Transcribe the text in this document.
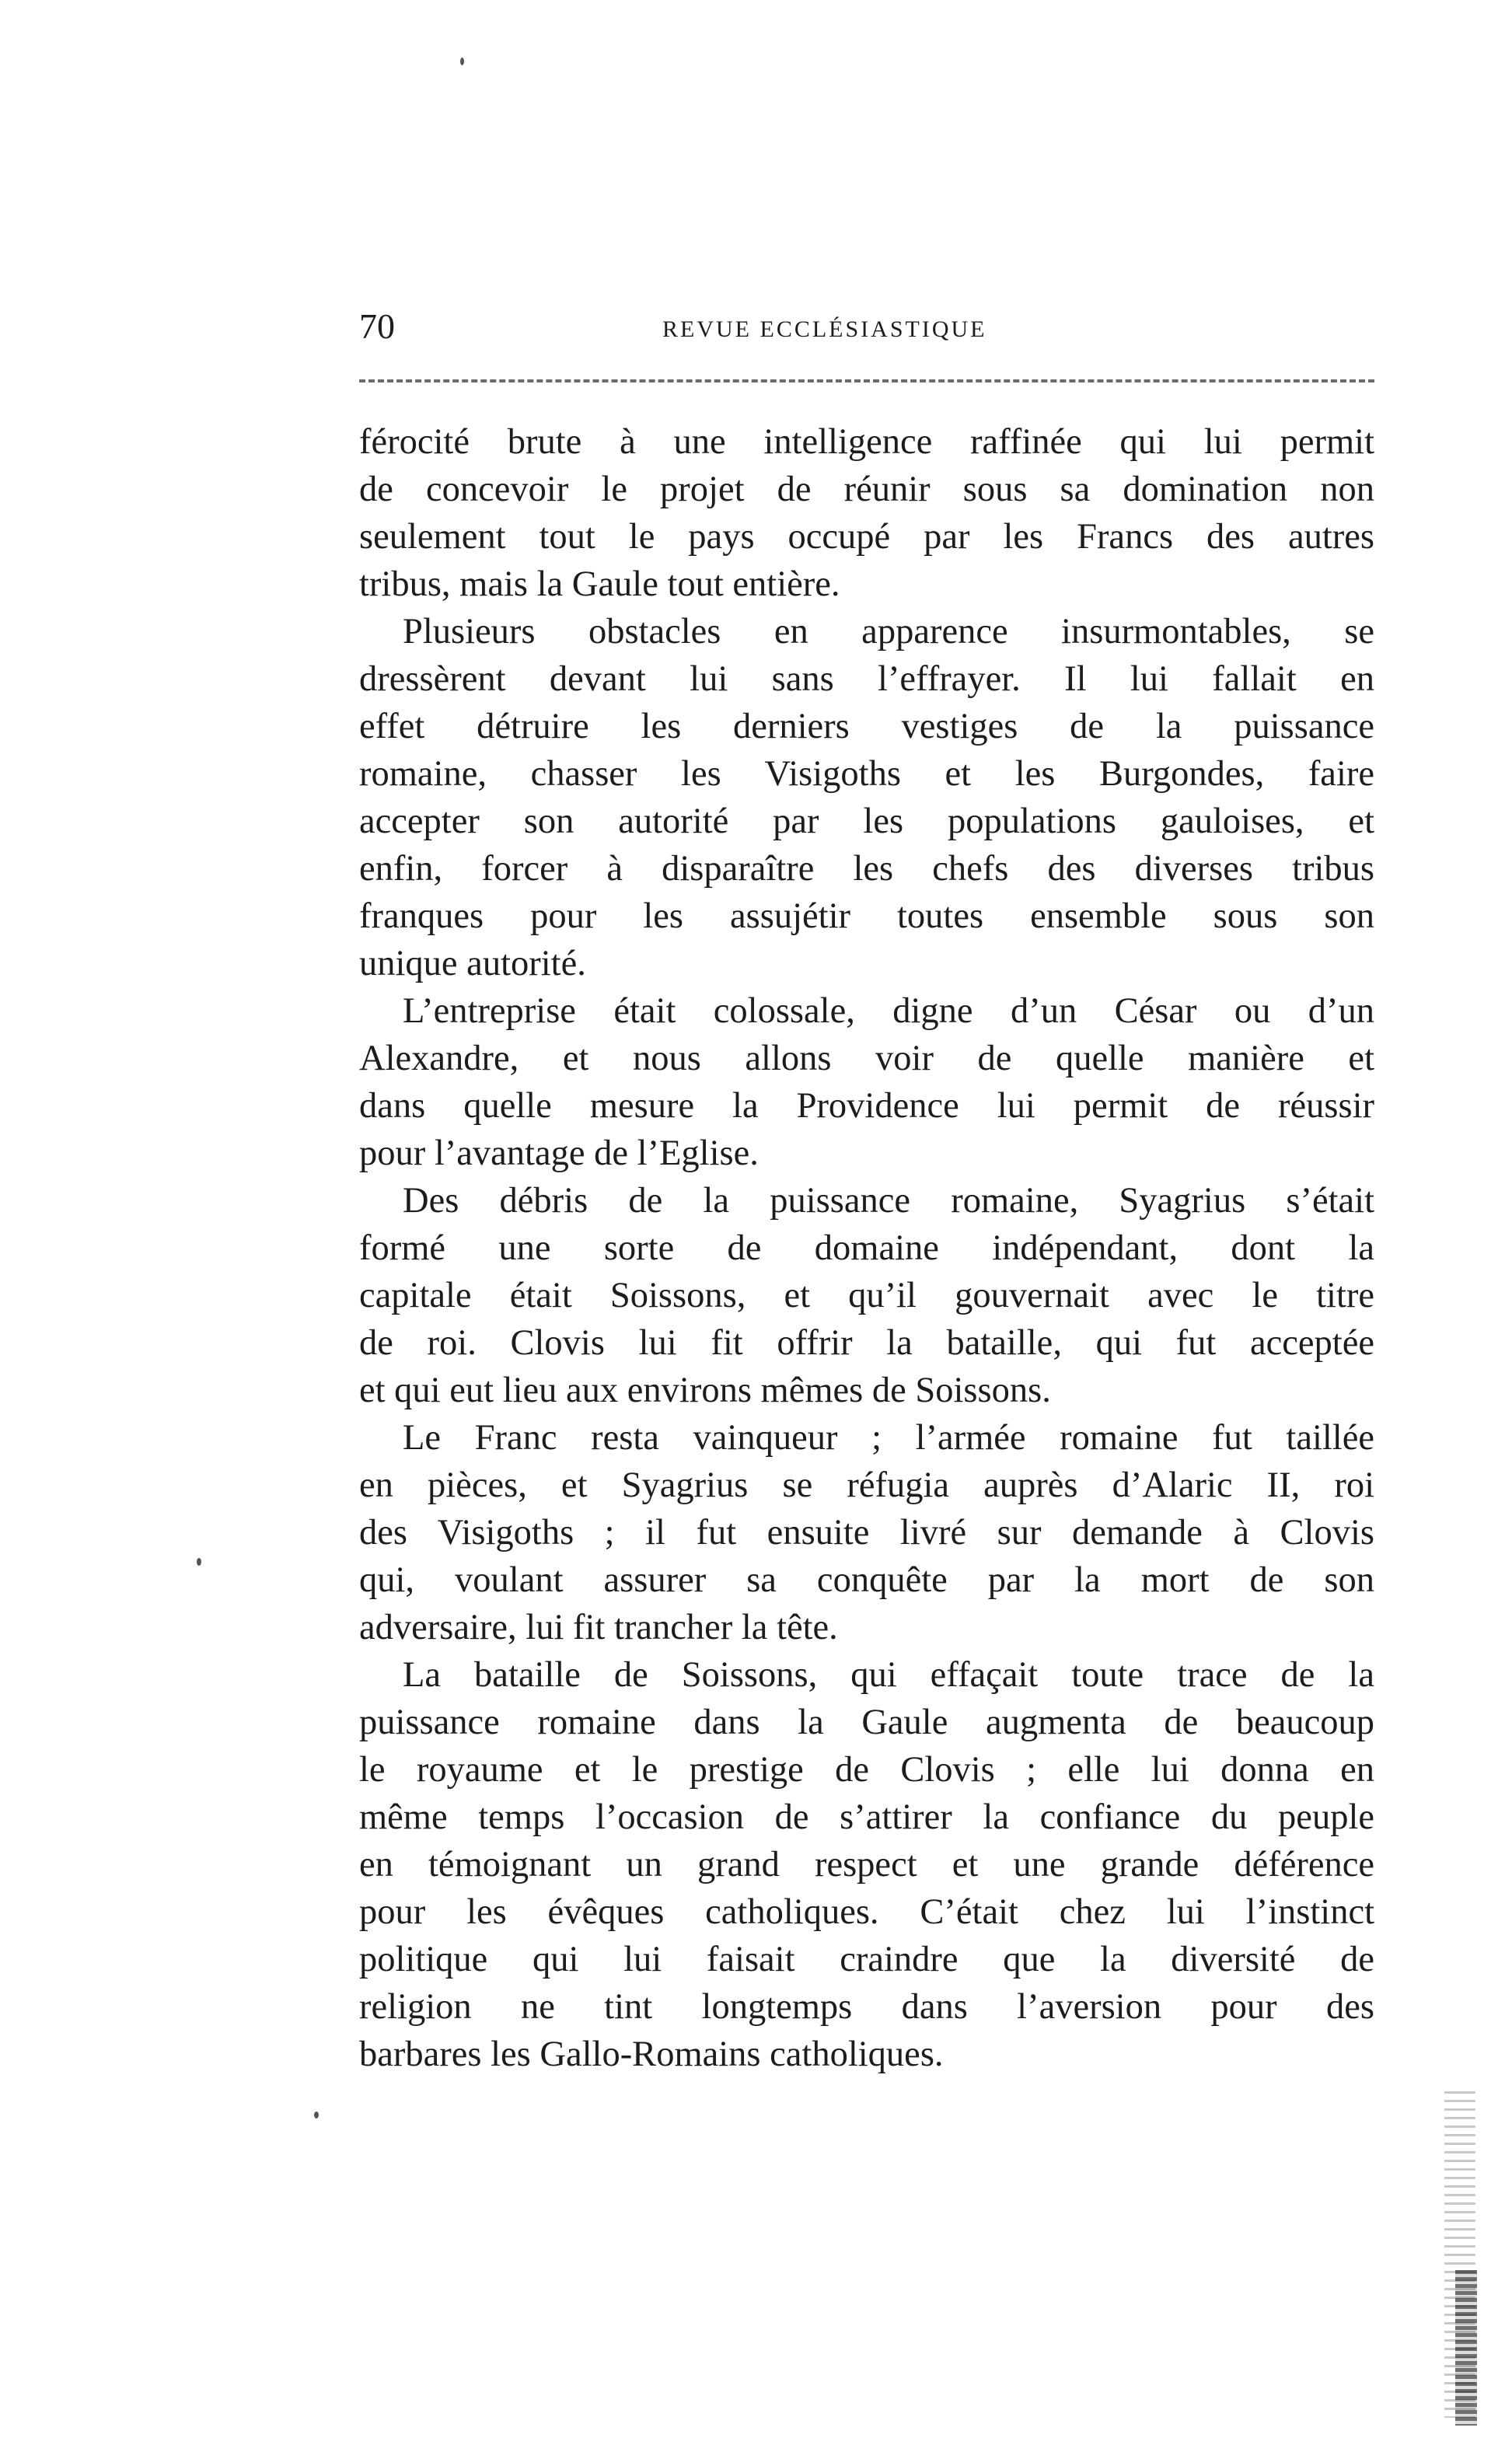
70	REVUE ECCLÉSIASTIQUE

férocité brute à une intelligence raffinée qui lui permit
de concevoir le projet de réunir sous sa domination non
seulement tout le pays occupé par les Francs des autres
tribus, mais la Gaule tout entière.

Plusieurs obstacles en apparence insurmontables, se
dressèrent devant lui sans l’effrayer. Il lui fallait en
effet détruire les derniers vestiges de la puissance
romaine, chasser les Visigoths et les Burgondes, faire
accepter son autorité par les populations gauloises, et
enfin, forcer à disparaître les chefs des diverses tribus
franques pour les assujétir toutes ensemble sous son
unique autorité.

L’entreprise était colossale, digne d’un César ou d’un
Alexandre, et nous allons voir de quelle manière et
dans quelle mesure la Providence lui permit de réussir
pour l’avantage de l’Eglise.

Des débris de la puissance romaine, Syagrius s’était
formé une sorte de domaine indépendant, dont la
capitale était Soissons, et qu’il gouvernait avec le titre
de roi. Clovis lui fit offrir la bataille, qui fut acceptée
et qui eut lieu aux environs mêmes de Soissons.

Le Franc resta vainqueur ; l’armée romaine fut taillée
en pièces, et Syagrius se réfugia auprès d’Alaric II, roi
des Visigoths ; il fut ensuite livré sur demande à Clovis
qui, voulant assurer sa conquête par la mort de son
adversaire, lui fit trancher la tête.

La bataille de Soissons, qui effaçait toute trace de la
puissance romaine dans la Gaule augmenta de beaucoup
le royaume et le prestige de Clovis ; elle lui donna en
même temps l’occasion de s’attirer la confiance du peuple
en témoignant un grand respect et une grande déférence
pour les évêques catholiques. C’était chez lui l’instinct
politique qui lui faisait craindre que la diversité de
religion ne tint longtemps dans l’aversion pour des
barbares les Gallo-Romains catholiques.
